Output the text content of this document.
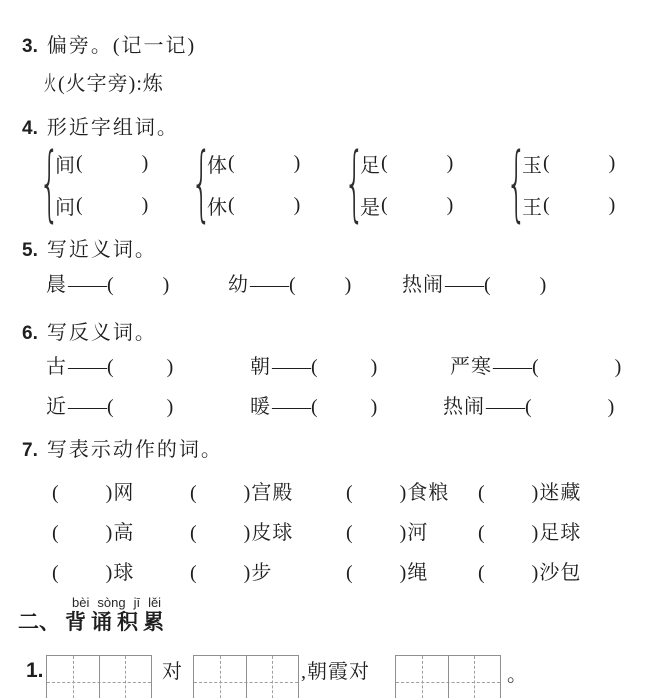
3. 偏旁。(记一记)
火(火字旁):炼
4. 形近字组词。
{
间 (	)
问 (	) {
体 (	)
休 (	) {
足 (	)
是 (	) {
玉 (	)
王 (	)
5. 写近义词。
晨——( )	幼——( ) 热闹——( )
6. 写反义词。
古——(	)	朝——(	)	严寒——(	)
近——(	)	暖——(	)	热闹——(	)
7. 写表示动作的词。
( )网	( )宫殿	( )食粮 ( )迷藏
( )高	( )皮球	( )河 ( )足球
( )球	( )步	( )绳 ( )沙包
bèi sòng jī lěi
二、 背 诵 积 累
1.	对	,朝霞对	。
